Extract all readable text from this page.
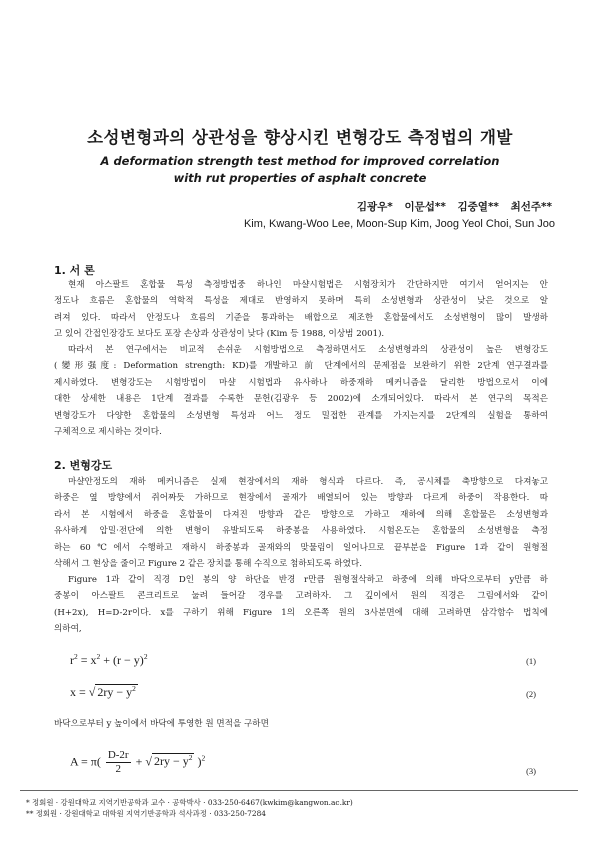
소성변형과의 상관성을 향상시킨 변형강도 측정법의 개발
A deformation strength test method for improved correlation
with rut properties of asphalt concrete
김광우* 이문섭** 김중열** 최선주**
Kim, Kwang-Woo Lee, Moon-Sup Kim, Joog Yeol Choi, Sun Joo
1. 서 론
현재 아스팔트 혼합물 특성 측정방법중 하나인 마샬시험법은 시험장치가 간단하지만 여기서 얻어지는 안
정도나 흐름은 혼합물의 역학적 특성을 제대로 반영하지 못하며 특히 소성변형과 상관성이 낮은 것으로 알
려져 있다. 따라서 안정도나 흐름의 기준을 통과하는 배합으로 제조한 혼합물에서도 소성변형이 많이 발생하
고 있어 간접인장강도 보다도 포장 손상과 상관성이 낮다 (Kim 등 1988, 이상범 2001).
따라서 본 연구에서는 비교적 손쉬운 시험방법으로 측정하면서도 소성변형과의 상관성이 높은 변형강도
(變形强度: Deformation strength: KD)를 개발하고 前 단계에서의 문제점을 보완하기 위한 2단계 연구결과를
제시하였다. 변형강도는 시험방법이 마샬 시험법과 유사하나 하중재하 메커니즘을 달리한 방법으로서 이에
대한 상세한 내용은 1단계 결과를 수록한 문헌(김광우 등 2002)에 소개되어있다. 따라서 본 연구의 목적은
변형강도가 다양한 혼합물의 소성변형 특성과 어느 정도 밀접한 관계를 가지는지를 2단계의 실험을 통하여
구체적으로 제시하는 것이다.
2. 변형강도
마샬안정도의 재하 메커니즘은 실제 현장에서의 재하 형식과 다르다. 즉, 공시체를 축방향으로 다져놓고
하중은 옆 방향에서 쥐어짜듯 가하므로 현장에서 골재가 배열되어 있는 방향과 다르게 하중이 작용한다. 따
라서 본 시험에서 하중을 혼합물이 다져진 방향과 같은 방향으로 가하고 재하에 의해 혼합물은 소성변형과
유사하게 압밀·전단에 의한 변형이 유발되도록 하중봉을 사용하였다. 시험온도는 혼합물의 소성변형을 측정
하는 60℃에서 수행하고 재하시 하중봉과 골재와의 맞물림이 일어나므로 끝부분을 Figure 1과 같이 원형절
삭해서 그 현상을 줄이고 Figure 2 같은 장치를 통해 수직으로 첨하되도록 하였다.
Figure 1과 같이 직경 D인 봉의 양 하단을 반경 r만큼 원형절삭하고 하중에 의해 바닥으로부터 y만큼 하
중봉이 아스팔트 콘크리트로 눌려 들어갈 경우를 고려하자. 그 깊이에서 원의 직경은 그림에서와 같이
(H+2x), H=D-2r이다. x를 구하기 위해 Figure 1의 오른쪽 원의 3사분면에 대해 고려하면 삼각함수 법칙에
의하여,
$r^2 = x^2 + (r - y)^2$	(1)
x = √ $2ry - y^2$
(2)
바닥으로부터 y 높이에서 바닥에 투영한 원 면적을 구하면
$A = \pi( \frac{D-2r}{2}$ + √ $2ry - y^2$ )$^2$
(3)
* 정회원 · 강원대학교 지역기반공학과 교수 · 공학박사 · 033-250-6467(kwkim@kangwon.ac.kr)
** 정회원 · 강원대학교 대학원 지역기반공학과 석사과정 · 033-250-7284
